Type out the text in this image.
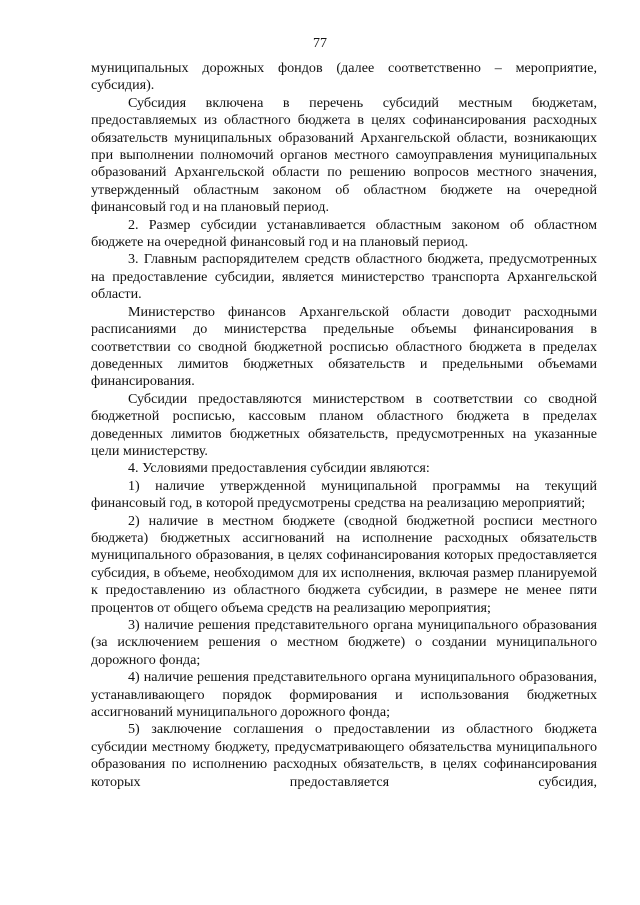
77

муниципальных дорожных фондов (далее соответственно – мероприятие, субсидия).

Субсидия включена в перечень субсидий местным бюджетам, предоставляемых из областного бюджета в целях софинансирования расходных обязательств муниципальных образований Архангельской области, возникающих при выполнении полномочий органов местного самоуправления муниципальных образований Архангельской области по решению вопросов местного значения, утвержденный областным законом об областном бюджете на очередной финансовый год и на плановый период.

2. Размер субсидии устанавливается областным законом об областном бюджете на очередной финансовый год и на плановый период.

3. Главным распорядителем средств областного бюджета, предусмотренных на предоставление субсидии, является министерство транспорта Архангельской области.

Министерство финансов Архангельской области доводит расходными расписаниями до министерства предельные объемы финансирования в соответствии со сводной бюджетной росписью областного бюджета в пределах доведенных лимитов бюджетных обязательств и предельными объемами финансирования.

Субсидии предоставляются министерством в соответствии со сводной бюджетной росписью, кассовым планом областного бюджета в пределах доведенных лимитов бюджетных обязательств, предусмотренных на указанные цели министерству.

4. Условиями предоставления субсидии являются:

1) наличие утвержденной муниципальной программы на текущий финансовый год, в которой предусмотрены средства на реализацию мероприятий;

2) наличие в местном бюджете (сводной бюджетной росписи местного бюджета) бюджетных ассигнований на исполнение расходных обязательств муниципального образования, в целях софинансирования которых предоставляется субсидия, в объеме, необходимом для их исполнения, включая размер планируемой к предоставлению из областного бюджета субсидии, в размере не менее пяти процентов от общего объема средств на реализацию мероприятия;

3) наличие решения представительного органа муниципального образования (за исключением решения о местном бюджете) о создании муниципального дорожного фонда;

4) наличие решения представительного органа муниципального образования, устанавливающего порядок формирования и использования бюджетных ассигнований муниципального дорожного фонда;

5) заключение соглашения о предоставлении из областного бюджета субсидии местному бюджету, предусматривающего обязательства муниципального образования по исполнению расходных обязательств, в целях софинансирования которых предоставляется субсидия,
